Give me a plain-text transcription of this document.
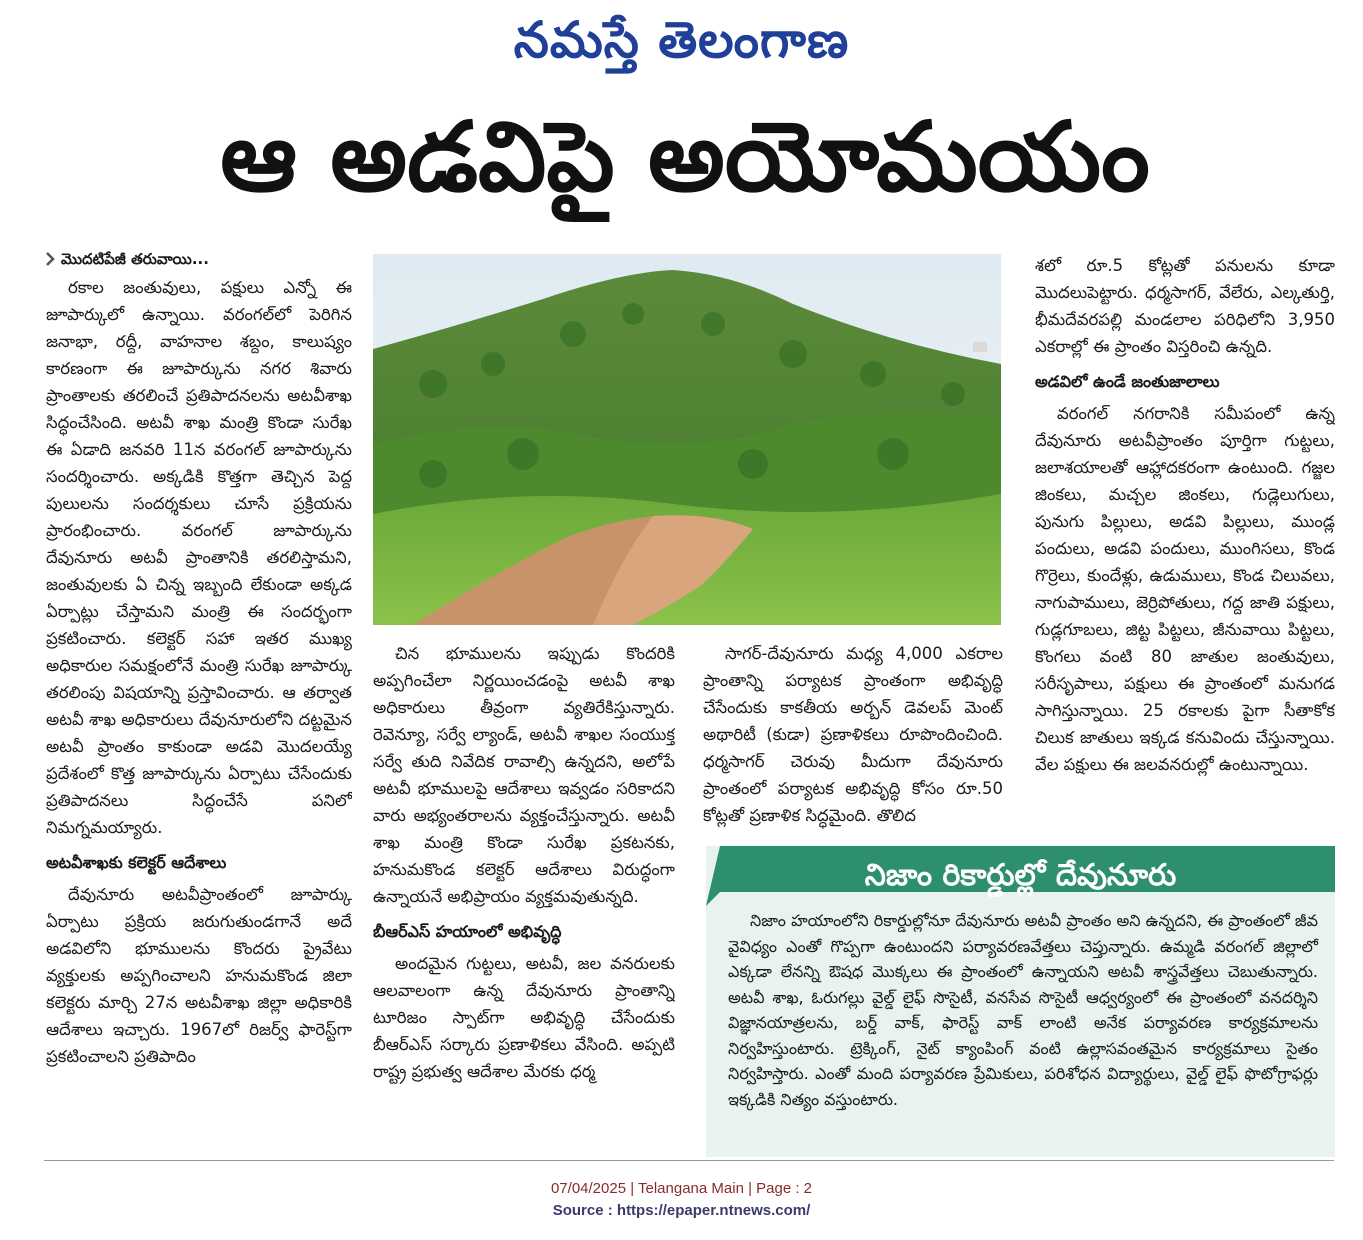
నమస్తే తెలంగాణ
ఆ అడవిపై అయోమయం
మొదటిపేజీ తరువాయి...

రకాల జంతువులు, పక్షులు ఎన్నో ఈ జూపార్కులో ఉన్నాయి. వరంగల్‌లో పెరిగిన జనాభా, రద్దీ, వాహనాల శబ్దం, కాలుష్యం కారణంగా ఈ జూపార్కును నగర శివారు ప్రాంతాలకు తరలించే ప్రతిపాదనలను అటవీశాఖ సిద్ధంచేసింది. అటవీ శాఖ మంత్రి కొండా సురేఖ ఈ ఏడాది జనవరి 11న వరంగల్ జూపార్కును సందర్శించారు. అక్కడికి కొత్తగా తెచ్చిన పెద్ద పులులను సందర్శకులు చూసే ప్రక్రియను ప్రారంభించారు. వరంగల్ జూపార్కును దేవునూరు అటవీ ప్రాంతానికి తరలిస్తామని, జంతువులకు ఏ చిన్న ఇబ్బంది లేకుండా అక్కడ ఏర్పాట్లు చేస్తామని మంత్రి ఈ సందర్భంగా ప్రకటించారు. కలెక్టర్ సహా ఇతర ముఖ్య అధికారుల సమక్షంలోనే మంత్రి సురేఖ జూపార్కు తరలింపు విషయాన్ని ప్రస్తావించారు. ఆ తర్వాత అటవీ శాఖ అధికారులు దేవునూరులోని దట్టమైన అటవీ ప్రాంతం కాకుండా అడవి మొదలయ్యే ప్రదేశంలో కొత్త జూపార్కును ఏర్పాటు చేసేందుకు ప్రతిపాదనలు సిద్ధంచేసే పనిలో నిమగ్నమయ్యారు.

అటవీశాఖకు కలెక్టర్ ఆదేశాలు

దేవునూరు అటవీప్రాంతంలో జూపార్కు ఏర్పాటు ప్రక్రియ జరుగుతుండగానే అదే అడవిలోని భూములను కొందరు ప్రైవేటు వ్యక్తులకు అప్పగించాలని హనుమకొండ జిలా కలెక్టరు మార్చి 27న అటవీశాఖ జిల్లా అధికారికి ఆదేశాలు ఇచ్చారు. 1967లో రిజర్వ్ ఫారెస్ట్‌గా ప్రకటించాలని ప్రతిపాదిం

చిన భూములను ఇప్పుడు కొందరికి అప్పగించేలా నిర్ణయించడంపై అటవీ శాఖ అధికారులు తీవ్రంగా వ్యతిరేకిస్తున్నారు. రెవెన్యూ, సర్వే ల్యాండ్, అటవీ శాఖల సంయుక్త సర్వే తుది నివేదిక రావాల్సి ఉన్నదని, అలోపే అటవీ భూములపై ఆదేశాలు ఇవ్వడం సరికాదని వారు అభ్యంతరాలను వ్యక్తంచేస్తున్నారు. అటవీ శాఖ మంత్రి కొండా సురేఖ ప్రకటనకు, హనుమకొండ కలెక్టర్ ఆదేశాలు విరుద్ధంగా ఉన్నాయనే అభిప్రాయం వ్యక్తమవుతున్నది.

బీఆర్‌ఎస్ హయాంలో అభివృద్ధి

అందమైన గుట్టలు, అటవీ, జల వనరులకు ఆలవాలంగా ఉన్న దేవునూరు ప్రాంతాన్ని టూరిజం స్పాట్‌గా అభివృద్ధి చేసేందుకు బీఆర్‌ఎస్ సర్కారు ప్రణాళికలు వేసింది. అప్పటి రాష్ట్ర ప్రభుత్వ ఆదేశాల మేరకు ధర్మ

సాగర్-దేవునూరు మధ్య 4,000 ఎకరాల ప్రాంతాన్ని పర్యాటక ప్రాంతంగా అభివృద్ధి చేసేందుకు కాకతీయ అర్బన్ డెవలప్ మెంట్ అథారిటీ (కుడా) ప్రణాళికలు రూపొందించింది. ధర్మసాగర్ చెరువు మీదుగా దేవునూరు ప్రాంతంలో పర్యాటక అభివృద్ధి కోసం రూ.50 కోట్లతో ప్రణాళిక సిద్ధమైంది. తొలిద

శలో రూ.5 కోట్లతో పనులను కూడా మొదలుపెట్టారు. ధర్మసాగర్, వేలేరు, ఎల్కతుర్తి, భీమదేవరపల్లి మండలాల పరిధిలోని 3,950 ఎకరాల్లో ఈ ప్రాంతం విస్తరించి ఉన్నది.

అడవిలో ఉండే జంతుజాలాలు

వరంగల్ నగరానికి సమీపంలో ఉన్న దేవునూరు అటవీప్రాంతం పూర్తిగా గుట్టలు, జలాశయాలతో ఆహ్లాదకరంగా ఉంటుంది. గజ్జల జింకలు, మచ్చల జింకలు, గుడ్లెలుగులు, పునుగు పిల్లులు, అడవి పిల్లులు, ముండ్ల పందులు, అడవి పందులు, ముంగిసలు, కొండ గొర్రెలు, కుందేళ్లు, ఉడుములు, కొండ చిలువలు, నాగుపాములు, జెర్రిపోతులు, గద్ద జాతి పక్షులు, గుడ్లగూబలు, జిట్ట పిట్టలు, జీనువాయి పిట్టలు, కొంగలు వంటి 80 జాతుల జంతువులు, సరీసృపాలు, పక్షులు ఈ ప్రాంతంలో మనుగడ సాగిస్తున్నాయి. 25 రకాలకు పైగా సీతాకోక చిలుక జాతులు ఇక్కడ కనువిందు చేస్తున్నాయి. వేల పక్షులు ఈ జలవనరుల్లో ఉంటున్నాయి.

నిజాం రికార్డుల్లో దేవునూరు

నిజాం హయాంలోని రికార్డుల్లోనూ దేవునూరు అటవీ ప్రాంతం అని ఉన్నదని, ఈ ప్రాంతంలో జీవ వైవిధ్యం ఎంతో గొప్పగా ఉంటుందని పర్యావరణవేత్తలు చెప్తున్నారు. ఉమ్మడి వరంగల్ జిల్లాలో ఎక్కడా లేనన్ని ఔషధ మొక్కలు ఈ ప్రాంతంలో ఉన్నాయని అటవీ శాస్త్రవేత్తలు చెబుతున్నారు. అటవీ శాఖ, ఓరుగల్లు వైల్డ్ లైఫ్ సొసైటీ, వనసేవ సొసైటీ ఆధ్వర్యంలో ఈ ప్రాంతంలో వనదర్శిని విజ్ఞానయాత్రలను, బర్డ్ వాక్, ఫారెస్ట్ వాక్ లాంటి అనేక పర్యావరణ కార్యక్రమాలను నిర్వహిస్తుంటారు. ట్రెక్కింగ్, నైట్ క్యాంపింగ్ వంటి ఉల్లాసవంతమైన కార్యక్రమాలు సైతం నిర్వహిస్తారు. ఎంతో మంది పర్యావరణ ప్రేమికులు, పరిశోధన విద్యార్థులు, వైల్డ్ లైఫ్ ఫొటోగ్రాఫర్లు ఇక్కడికి నిత్యం వస్తుంటారు.

07/04/2025 | Telangana Main | Page : 2
Source : https://epaper.ntnews.com/
